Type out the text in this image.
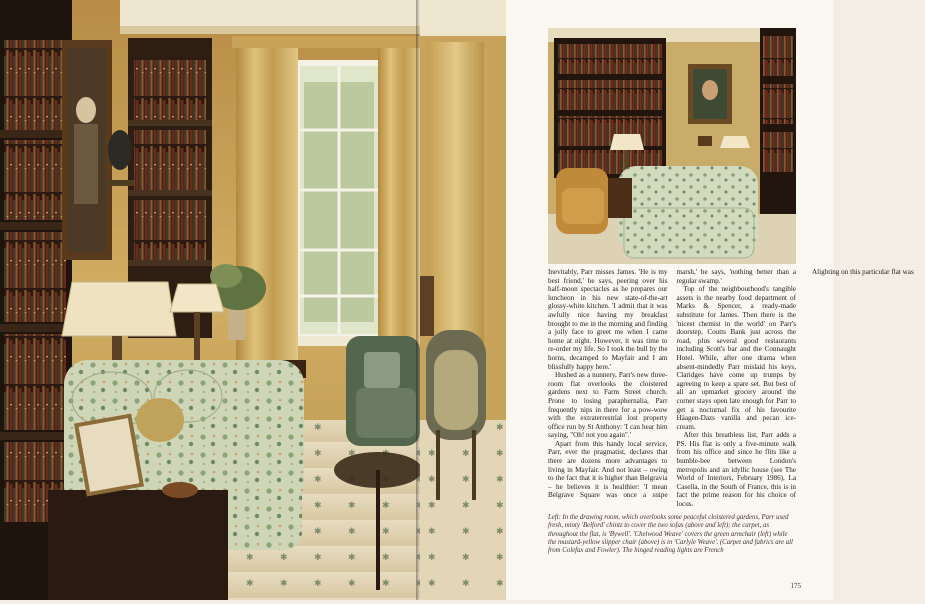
Inevitably, Parr misses James. 'He is my best friend,' he says, peering over his half-moon spectacles as he prepares our luncheon in his new state-of-the-art glossy-white kitchen. 'I admit that it was awfully nice having my breakfast brought to me in the morning and finding a jolly face to greet me when I came home at night. However, it was time to re-order my life. So I took the bull by the horns, decamped to Mayfair and I am blissfully happy here.'

Hushed as a nunnery, Parr's new three-room flat overlooks the cloistered gardens next to Farm Street church. Prone to losing paraphernalia, Parr frequently nips in there for a pow-wow with the extraterrestrial lost property office run by St Anthony: 'I can hear him saying, "Oh! not you again".'

Apart from this handy local service, Parr, ever the pragmatist, declares that there are dozens more advantages to living in Mayfair. And not least – owing to the fact that it is higher than Belgravia – he believes it is healthier: 'I mean Belgrave Square was once a snipe marsh,' he says, 'nothing better than a regular swamp.'

Top of the neighbourhood's tangible assets is the nearby food department of Marks & Spencer, a ready-made substitute for James. Then there is the 'nicest chemist in the world' on Parr's doorstep, Coutts Bank just across the road, plus several good restaurants including Scott's bar and the Connaught Hotel. While, after one drama when absent-mindedly Parr mislaid his keys, Claridges have come up trumps by agreeing to keep a spare set. But best of all an upmarket grocery around the corner stays open late enough for Parr to get a nocturnal fix of his favourite Häagen-Dazs vanilla and pecan ice-cream.

After this breathless list, Parr adds a PS. His flat is only a five-minute walk from his office and since he flits like a bumble-bee between London's metropolis and an idyllic house (see The World of Interiors, February 1986), La Casella, in the South of France, this is in fact the prime reason for his choice of locus.

Alighting on this particular flat was

Left: In the drawing room, which overlooks some peaceful cloistered gardens, Parr used fresh, minty 'Belford' chintz to cover the two sofas (above and left); the carpet, as throughout the flat, is 'Bywell'. 'Chelwood Weave' covers the green armchair (left) while the mustard-yellow slipper chair (above) is in 'Carlyle Weave'. (Carpet and fabrics are all from Colefax and Fowler). The hinged reading lights are French
175
